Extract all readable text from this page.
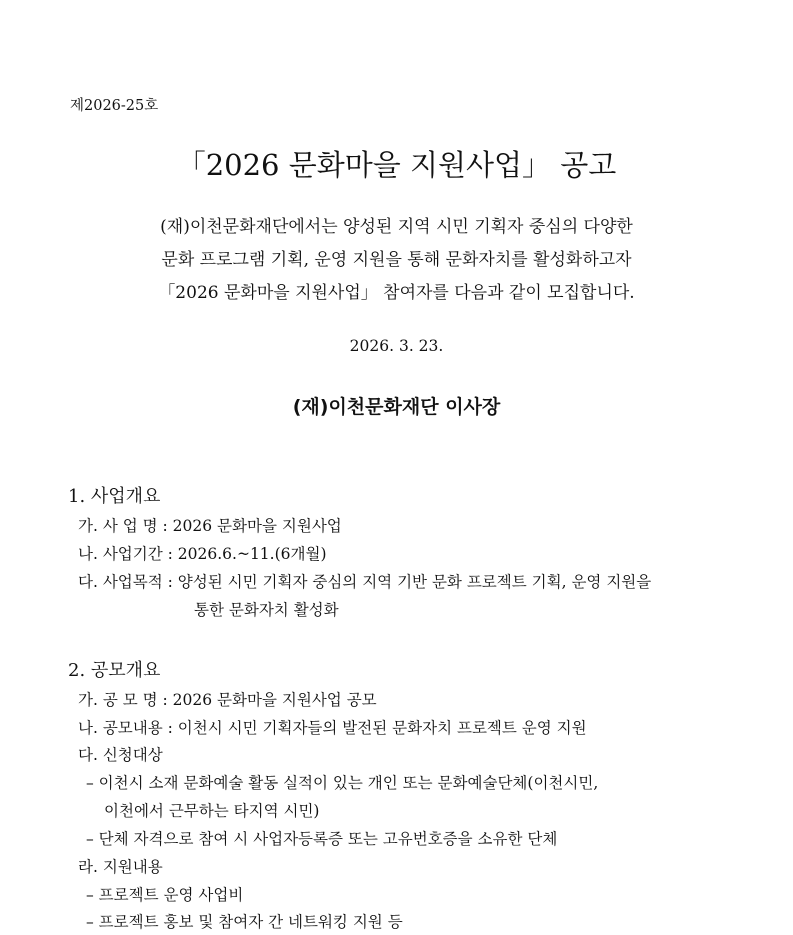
제2026-25호
「2026 문화마을 지원사업」 공고
(재)이천문화재단에서는 양성된 지역 시민 기획자 중심의 다양한
문화 프로그램 기획, 운영 지원을 통해 문화자치를 활성화하고자
「2026 문화마을 지원사업」 참여자를 다음과 같이 모집합니다.
2026. 3. 23.
(재)이천문화재단 이사장
1. 사업개요
가. 사 업 명 : 2026 문화마을 지원사업
나. 사업기간 : 2026.6.~11.(6개월)
다. 사업목적 : 양성된 시민 기획자 중심의 지역 기반 문화 프로젝트 기획, 운영 지원을
통한 문화자치 활성화
2. 공모개요
가. 공 모 명 : 2026 문화마을 지원사업 공모
나. 공모내용 : 이천시 시민 기획자들의 발전된 문화자치 프로젝트 운영 지원
다. 신청대상
– 이천시 소재 문화예술 활동 실적이 있는 개인 또는 문화예술단체(이천시민,
이천에서 근무하는 타지역 시민)
– 단체 자격으로 참여 시 사업자등록증 또는 고유번호증을 소유한 단체
라. 지원내용
– 프로젝트 운영 사업비
– 프로젝트 홍보 및 참여자 간 네트워킹 지원 등
